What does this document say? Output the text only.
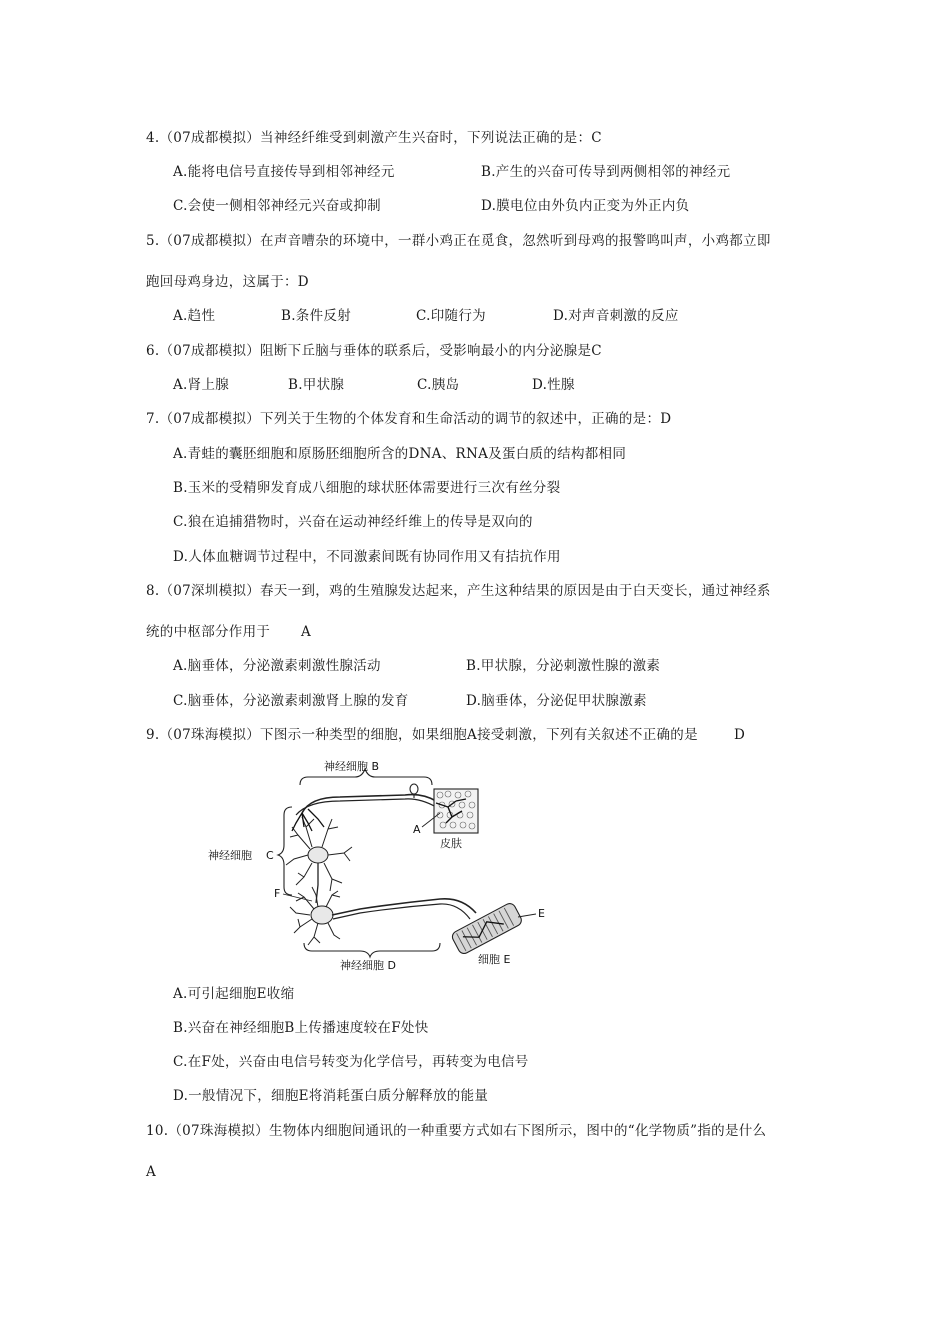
4.（07成都模拟）当神经纤维受到刺激产生兴奋时，下列说法正确的是：C
A.能将电信号直接传导到相邻神经元	B.产生的兴奋可传导到两侧相邻的神经元
C.会使一侧相邻神经元兴奋或抑制	D.膜电位由外负内正变为外正内负
5.（07成都模拟）在声音嘈杂的环境中，一群小鸡正在觅食，忽然听到母鸡的报警鸣叫声，小鸡都立即
跑回母鸡身边，这属于：D
A.趋性	B.条件反射	C.印随行为	D.对声音刺激的反应
6.（07成都模拟）阻断下丘脑与垂体的联系后，受影响最小的内分泌腺是C
A.肾上腺	B.甲状腺	C.胰岛	D.性腺
7.（07成都模拟）下列关于生物的个体发育和生命活动的调节的叙述中，正确的是：D
A.青蛙的囊胚细胞和原肠胚细胞所含的DNA、RNA及蛋白质的结构都相同
B.玉米的受精卵发育成八细胞的球状胚体需要进行三次有丝分裂
C.狼在追捕猎物时，兴奋在运动神经纤维上的传导是双向的
D.人体血糖调节过程中，不同激素间既有协同作用又有拮抗作用
8.（07深圳模拟）春天一到，鸡的生殖腺发达起来，产生这种结果的原因是由于白天变长，通过神经系
统的中枢部分作用于 A
A.脑垂体，分泌激素刺激性腺活动	B.甲状腺，分泌刺激性腺的激素
C.脑垂体，分泌激素刺激肾上腺的发育	D.脑垂体，分泌促甲状腺激素
9.（07珠海模拟）下图示一种类型的细胞，如果细胞A接受刺激，下列有关叙述不正确的是	D
神经细胞 B
皮肤
A
神经细胞 C
F
E
细胞 E
神经细胞 D
A.可引起细胞E收缩
B.兴奋在神经细胞B上传播速度较在F处快
C.在F处，兴奋由电信号转变为化学信号，再转变为电信号
D.一般情况下，细胞E将消耗蛋白质分解释放的能量
10.（07珠海模拟）生物体内细胞间通讯的一种重要方式如右下图所示，图中的“化学物质”指的是什么
A
